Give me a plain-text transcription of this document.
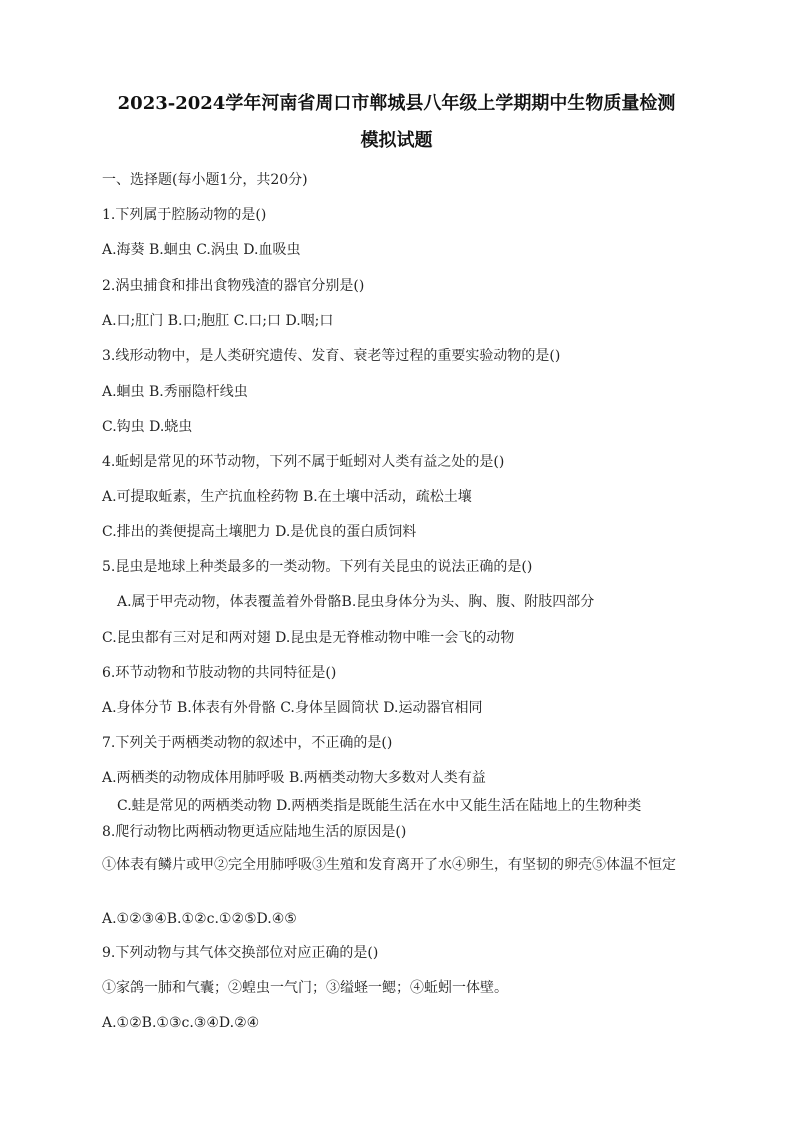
2023-2024学年河南省周口市郸城县八年级上学期期中生物质量检测
模拟试题
一、选择题(每小题1分，共20分)
1.下列属于腔肠动物的是()
A.海葵 B.蛔虫 C.涡虫 D.血吸虫
2.涡虫捕食和排出食物残渣的器官分别是()
A.口;肛门 B.口;胞肛 C.口;口 D.咽;口
3.线形动物中，是人类研究遗传、发育、衰老等过程的重要实验动物的是()
A.蛔虫 B.秀丽隐杆线虫
C.钩虫 D.蛲虫
4.蚯蚓是常见的环节动物，下列不属于蚯蚓对人类有益之处的是()
A.可提取蚯素，生产抗血栓药物 B.在土壤中活动，疏松土壤
C.排出的粪便提高土壤肥力 D.是优良的蛋白质饲料
5.昆虫是地球上种类最多的一类动物。下列有关昆虫的说法正确的是()
A.属于甲壳动物，体表覆盖着外骨骼B.昆虫身体分为头、胸、腹、附肢四部分
C.昆虫都有三对足和两对翅 D.昆虫是无脊椎动物中唯一会飞的动物
6.环节动物和节肢动物的共同特征是()
A.身体分节 B.体表有外骨骼 C.身体呈圆筒状 D.运动器官相同
7.下列关于两栖类动物的叙述中，不正确的是()
A.两栖类的动物成体用肺呼吸 B.两栖类动物大多数对人类有益
C.蛙是常见的两栖类动物 D.两栖类指是既能生活在水中又能生活在陆地上的生物种类
8.爬行动物比两栖动物更适应陆地生活的原因是()
①体表有鳞片或甲②完全用肺呼吸③生殖和发育离开了水④卵生，有坚韧的卵壳⑤体温不恒定
A.①②③④B.①②c.①②⑤D.④⑤
9.下列动物与其气体交换部位对应正确的是()
①家鸽一肺和气囊；②蝗虫一气门；③缢蛏一鳃；④蚯蚓一体壁。
A.①②B.①③c.③④D.②④
